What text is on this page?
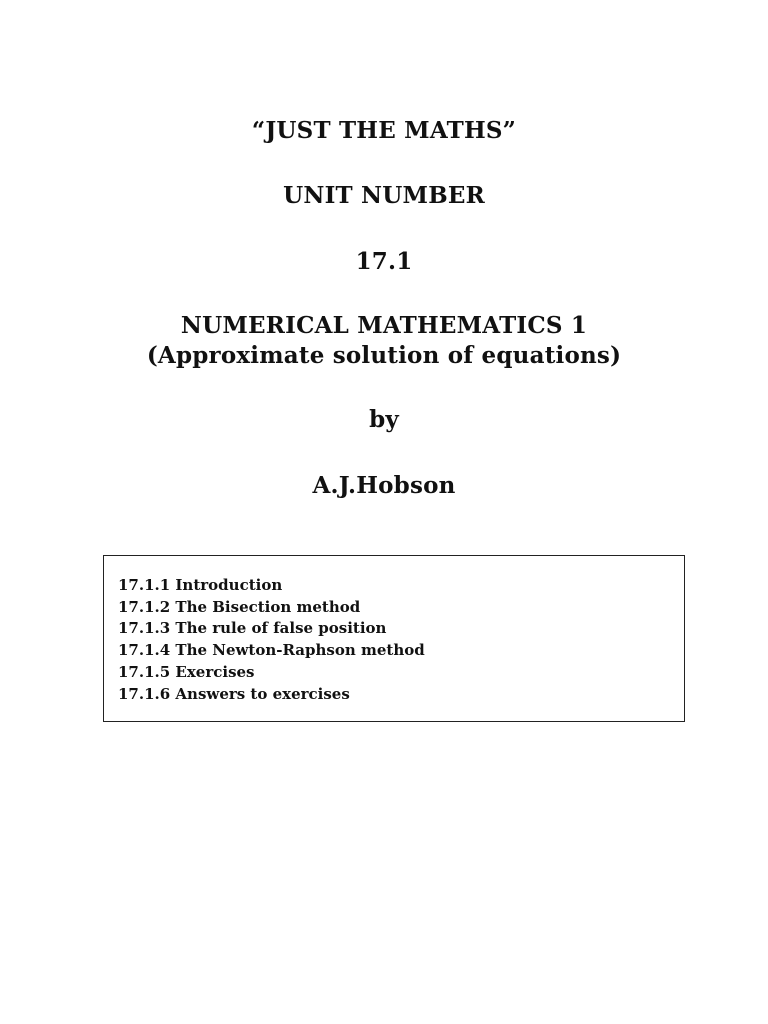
“JUST THE MATHS”
UNIT NUMBER
17.1
NUMERICAL MATHEMATICS 1
(Approximate solution of equations)
by
A.J.Hobson
17.1.1 Introduction
17.1.2 The Bisection method
17.1.3 The rule of false position
17.1.4 The Newton-Raphson method
17.1.5 Exercises
17.1.6 Answers to exercises
